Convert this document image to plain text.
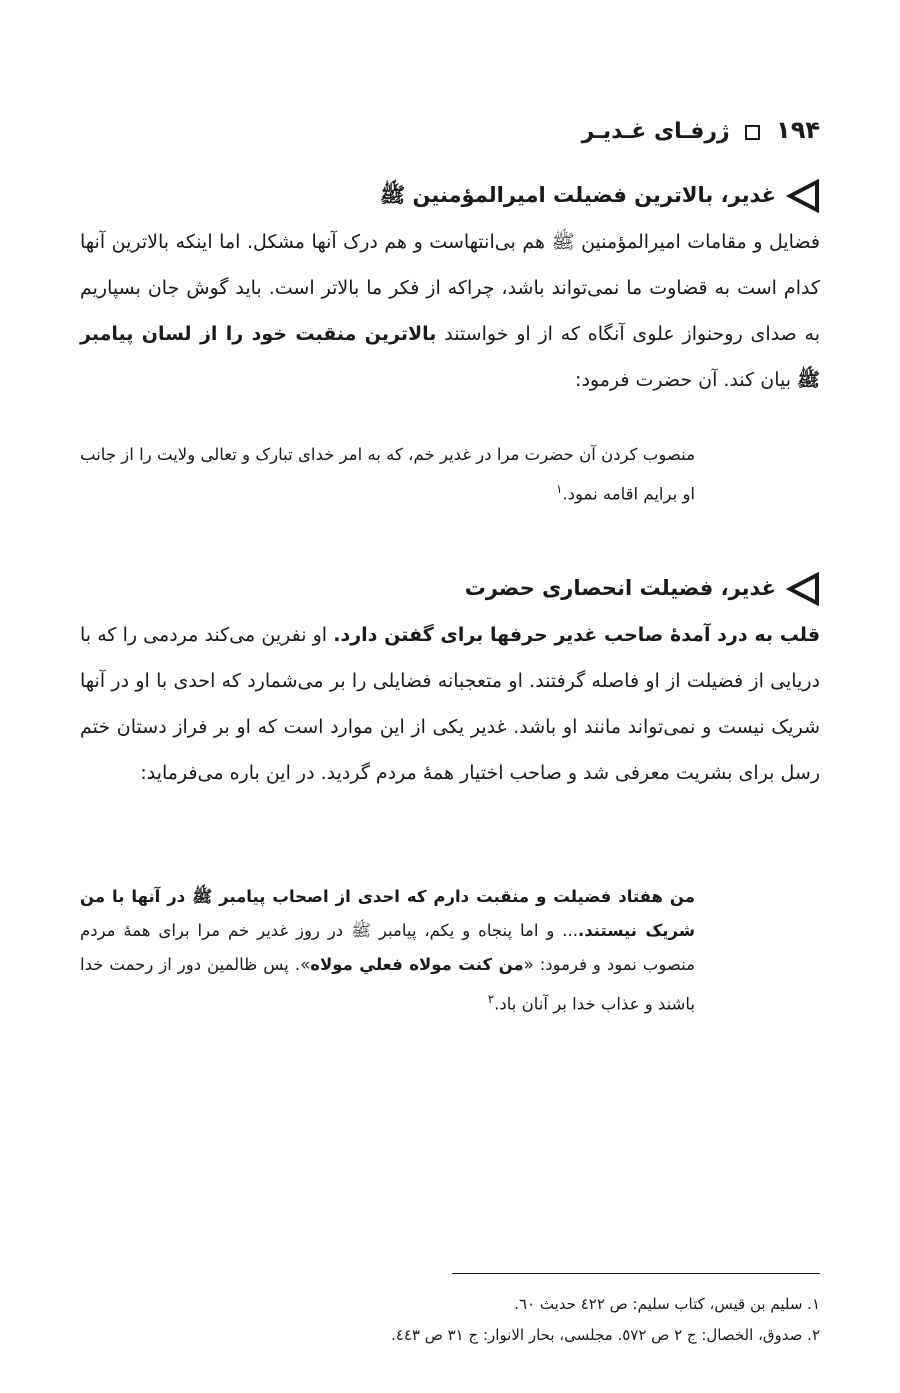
۱۹۴  ژرفـای غـدیـر
غدیر، بالاترین فضیلت امیرالمؤمنین ﷺ
فضایل و مقامات امیرالمؤمنین ﷺ هم بی‌انتهاست و هم درک آنها مشکل. اما اینکه بالاترین آنها کدام است به قضاوت ما نمی‌تواند باشد، چراکه از فکر ما بالاتر است. باید گوش جان بسپاریم به صدای روحنواز علوی آنگاه که از او خواستند بالاترین منقبت خود را از لسان پیامبر ﷺ بیان کند. آن حضرت فرمود:
منصوب کردن آن حضرت مرا در غدیر خم، که به امر خدای تبارک و تعالی ولایت را از جانب او برایم اقامه نمود.$^۱$
غدیر، فضیلت انحصاری حضرت
قلب به درد آمدهٔ صاحب غدیر حرفها برای گفتن دارد. او نفرین می‌کند مردمی را که با دریایی از فضیلت از او فاصله گرفتند. او متعجبانه فضایلی را بر می‌شمارد که احدی با او در آنها شریک نیست و نمی‌تواند مانند او باشد. غدیر یکی از این موارد است که او بر فراز دستان ختم رسل برای بشریت معرفی شد و صاحب اختیار همهٔ مردم گردید. در این باره می‌فرماید:
من هفتاد فضیلت و منقبت دارم که احدی از اصحاب پیامبر ﷺ در آنها با من شریک نیستند.... و اما پنجاه و یکم، پیامبر ﷺ در روز غدیر خم مرا برای همهٔ مردم منصوب نمود و فرمود: «من کنت مولاه فعلي مولاه». پس ظالمین دور از رحمت خدا باشند و عذاب خدا بر آنان باد.$^۲$
۱. سلیم بن قیس، کتاب سلیم: ص ٤٢٢ حدیث ٦٠.
۲. صدوق، الخصال: ج ۲ ص ٥٧٢. مجلسی، بحار الانوار: ج ٣١ ص ٤٤٣.
